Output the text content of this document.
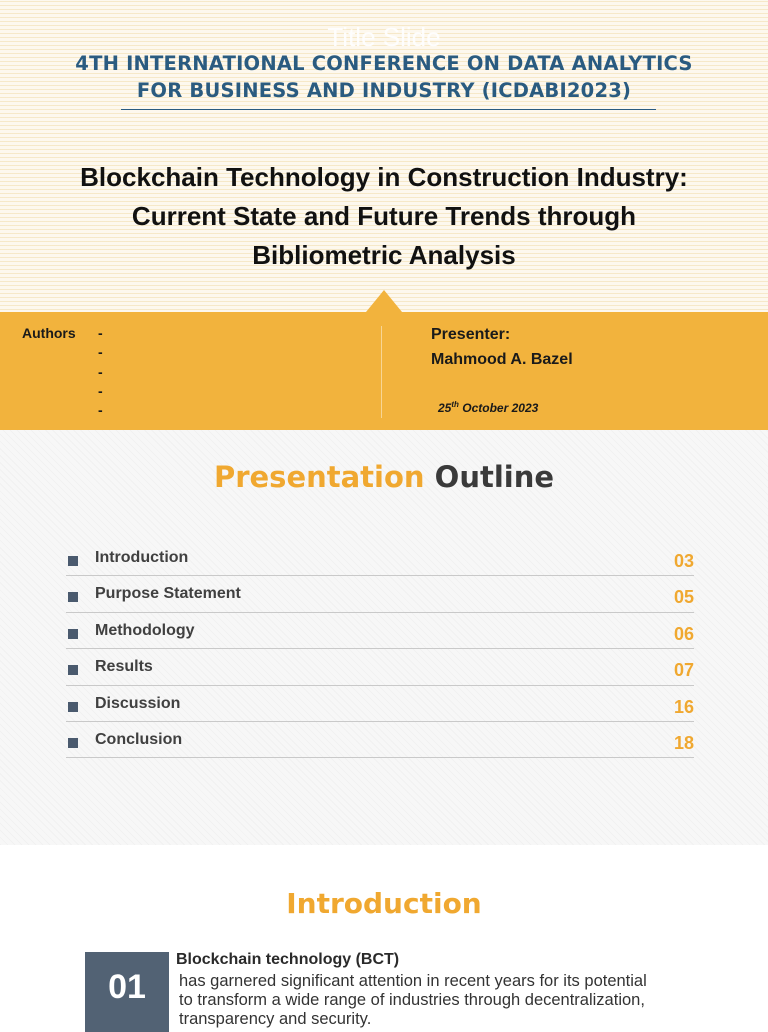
Title Slide
4TH INTERNATIONAL CONFERENCE ON DATA ANALYTICS
FOR BUSINESS AND INDUSTRY (ICDABI2023)
Blockchain Technology in Construction Industry:
Current State and Future Trends through
Bibliometric Analysis
Authors -
-
-
-
-
Presenter:
Mahmood A. Bazel
25th October 2023
Presentation Outline
Introduction	03
Purpose Statement	05
Methodology	06
Results	07
Discussion	16
Conclusion	18
Introduction
01
Blockchain technology (BCT)
has garnered significant attention in recent years for its potential
to transform a wide range of industries through decentralization,
transparency and security.
